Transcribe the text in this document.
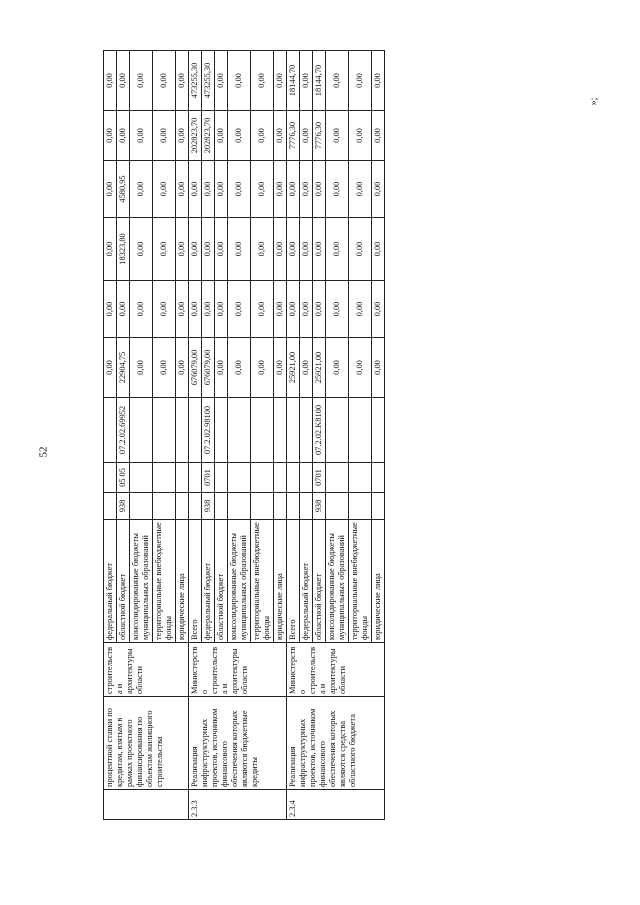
52
	процентной ставки по кредитам, взятым в рамках проектного финансирования по объектам жилищного строительства	строительства и архитектуры области	федеральный бюджет				0,00	0,00	0,00	0,00	0,00	0,00
			областной бюджет	938	05 05	07.2.02.69952	22904,75	0,00	18323,80	4580,95	0,00	0,00
			консолидированные бюджеты муниципальных образований				0,00	0,00	0,00	0,00	0,00	0,00
			территориальные внебюджетные фонды				0,00	0,00	0,00	0,00	0,00	0,00
			юридические лица				0,00	0,00	0,00	0,00	0,00	0,00
2.3.3	Реализация инфраструктурных проектов, источником финансового обеспечения которых являются бюджетные кредиты	Министерство строительства и архитектуры области	Всего				676079,00	0,00	0,00	0,00	202823,70	473255,30
			федеральный бюджет	938	0701	07.2.02.98100	676079,00	0,00	0,00	0,00	202823,70	473255,30
			областной бюджет				0,00	0,00	0,00	0,00	0,00	0,00
			консолидированные бюджеты муниципальных образований				0,00	0,00	0,00	0,00	0,00	0,00
			территориальные внебюджетные фонды				0,00	0,00	0,00	0,00	0,00	0,00
			юридические лица				0,00	0,00	0,00	0,00	0,00	0,00
2.3.4	Реализация инфраструктурных проектов, источником финансового обеспечения которых являются средства областного бюджета	Министерство строительства и архитектуры области	Всего				25921,00	0,00	0,00	0,00	7776,30	18144,70
			федеральный бюджет				0,00	0,00	0,00	0,00	0,00	0,00
			областной бюджет	938	0701	07.2.02.K8100	25921,00	0,00	0,00	0,00	7776,30	18144,70
			консолидированные бюджеты муниципальных образований				0,00	0,00	0,00	0,00	0,00	0,00
			территориальные внебюджетные фонды				0,00	0,00	0,00	0,00	0,00	0,00
			юридические лица				0,00	0,00	0,00	0,00	0,00	0,00
»;
